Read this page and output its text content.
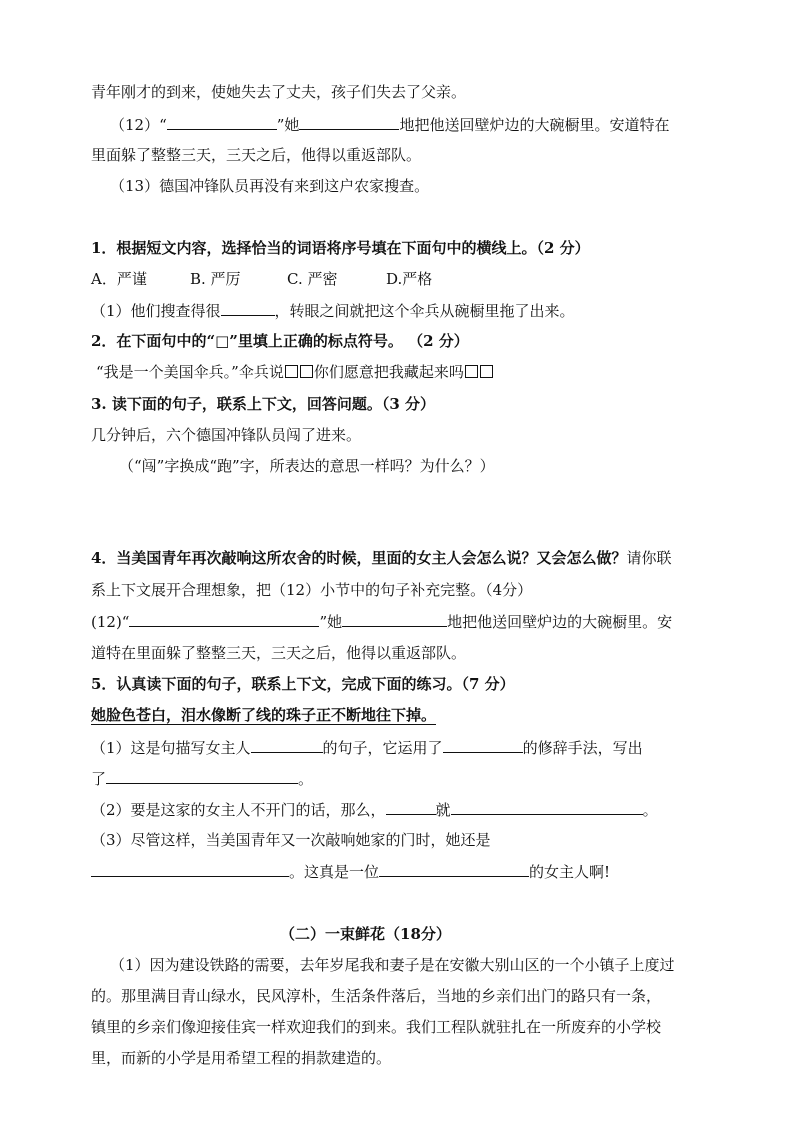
青年刚才的到来，使她失去了丈夫，孩子们失去了父亲。
（12）“	”她	地把他送回壁炉边的大碗橱里。安道特在
里面躲了整整三天，三天之后，他得以重返部队。
（13）德国冲锋队员再没有来到这户农家搜查。
1．根据短文内容，选择恰当的词语将序号填在下面句中的横线上。（2 分）
A．严谨	B. 严厉	C. 严密	D.严格
（1）他们搜查得很	，转眼之间就把这个伞兵从碗橱里拖了出来。
2．在下面句中的“□”里填上正确的标点符号。 （2 分）
“我是一个美国伞兵。”伞兵说 你们愿意把我藏起来吗
3. 读下面的句子，联系上下文，回答问题。（3 分）
几分钟后，六个德国冲锋队员闯了进来。
（“闯”字换成“跑”字，所表达的意思一样吗？为什么？）
4．当美国青年再次敲响这所农舍的时候，里面的女主人会怎么说？又会怎么做？请你联
系上下文展开合理想象，把（12）小节中的句子补充完整。（4分）
(12)“	”她	地把他送回壁炉边的大碗橱里。安
道特在里面躲了整整三天，三天之后，他得以重返部队。
5．认真读下面的句子，联系上下文，完成下面的练习。（7 分）
她脸色苍白，泪水像断了线的珠子正不断地往下掉。
（1）这是句描写女主人	的句子，它运用了	的修辞手法，写出
了	。
（2）要是这家的女主人不开门的话，那么，	就	。
（3）尽管这样，当美国青年又一次敲响她家的门时，她还是
。这真是一位	的女主人啊!
（二）一束鲜花（18分）
（1）因为建设铁路的需要，去年岁尾我和妻子是在安徽大别山区的一个小镇子上度过
的。那里满目青山绿水，民风淳朴，生活条件落后，当地的乡亲们出门的路只有一条，
镇里的乡亲们像迎接佳宾一样欢迎我们的到来。我们工程队就驻扎在一所废弃的小学校
里，而新的小学是用希望工程的捐款建造的。
